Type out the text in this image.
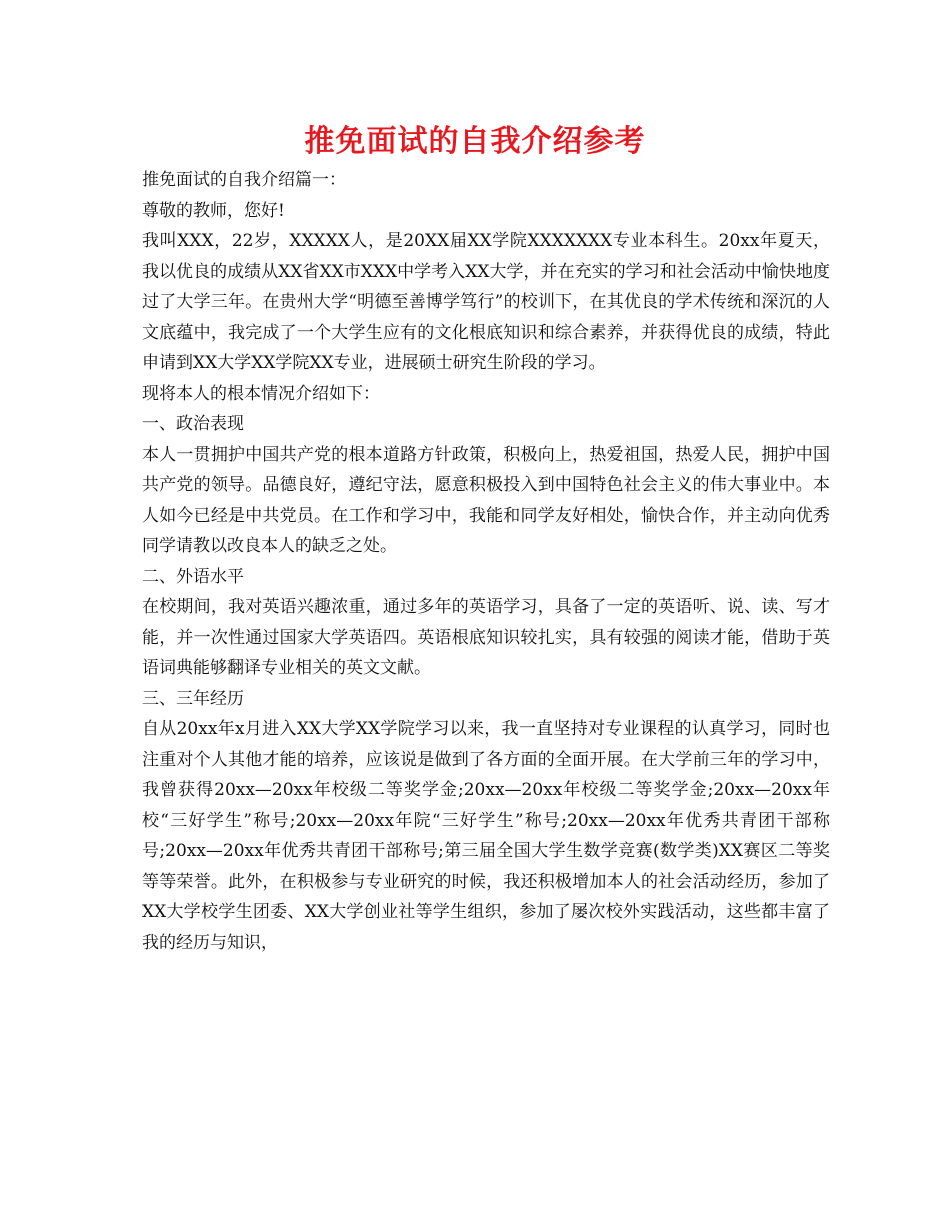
推免面试的自我介绍参考

推免面试的自我介绍篇一：

尊敬的教师，您好!

我叫XXX，22岁，XXXXX人，是20XX届XX学院XXXXXXX专业本科生。20xx年夏天，我以优良的成绩从XX省XX市XXX中学考入XX大学，并在充实的学习和社会活动中愉快地度过了大学三年。在贵州大学“明德至善博学笃行”的校训下，在其优良的学术传统和深沉的人文底蕴中，我完成了一个大学生应有的文化根底知识和综合素养，并获得优良的成绩，特此申请到XX大学XX学院XX专业，进展硕士研究生阶段的学习。

现将本人的根本情况介绍如下：

一、政治表现

本人一贯拥护中国共产党的根本道路方针政策，积极向上，热爱祖国，热爱人民，拥护中国共产党的领导。品德良好，遵纪守法，愿意积极投入到中国特色社会主义的伟大事业中。本人如今已经是中共党员。在工作和学习中，我能和同学友好相处，愉快合作，并主动向优秀同学请教以改良本人的缺乏之处。

二、外语水平

在校期间，我对英语兴趣浓重，通过多年的英语学习，具备了一定的英语听、说、读、写才能，并一次性通过国家大学英语四。英语根底知识较扎实，具有较强的阅读才能，借助于英语词典能够翻译专业相关的英文文献。

三、三年经历

自从20xx年x月进入XX大学XX学院学习以来，我一直坚持对专业课程的认真学习，同时也注重对个人其他才能的培养，应该说是做到了各方面的全面开展。在大学前三年的学习中，我曾获得20xx—20xx年校级二等奖学金;20xx—20xx年校级二等奖学金;20xx—20xx年校“三好学生”称号;20xx—20xx年院“三好学生”称号;20xx—20xx年优秀共青团干部称号;20xx—20xx年优秀共青团干部称号;第三届全国大学生数学竞赛(数学类)XX赛区二等奖等等荣誉。此外，在积极参与专业研究的时候，我还积极增加本人的社会活动经历，参加了XX大学校学生团委、XX大学创业社等学生组织，参加了屡次校外实践活动，这些都丰富了我的经历与知识，
